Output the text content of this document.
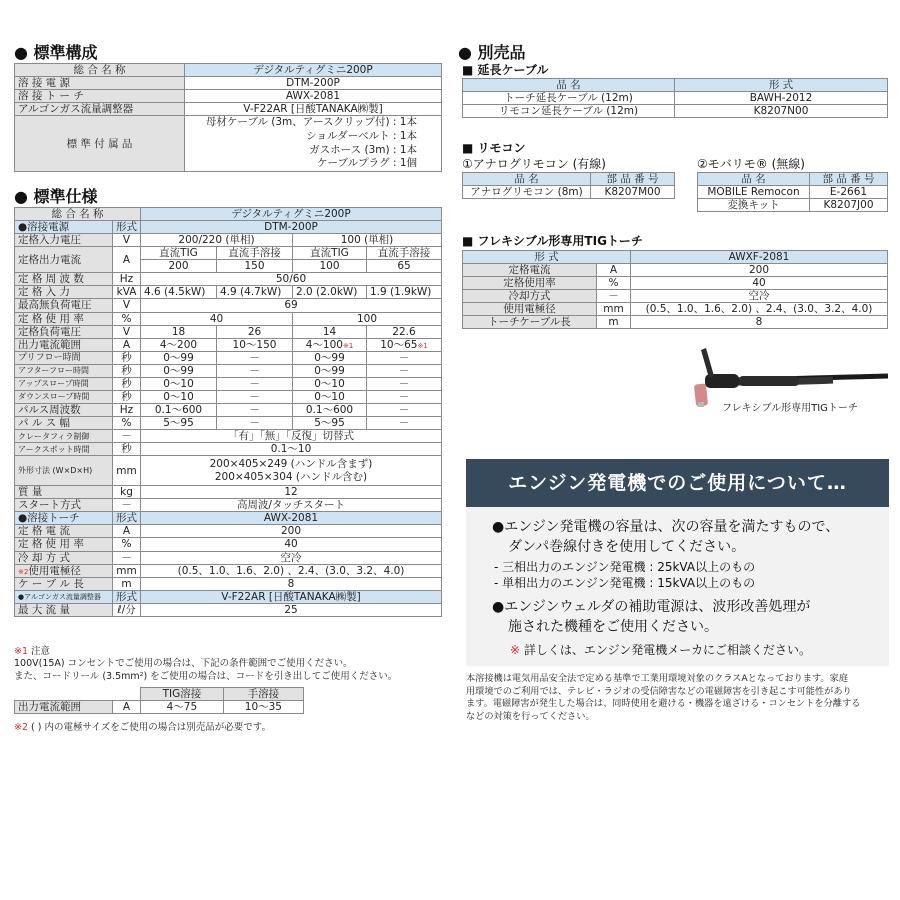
● 標準構成
総 合 名 称	デジタルティグミニ200P
溶 接 電 源	DTM-200P
溶 接 ト ー チ	AWX-2081
アルゴンガス流量調整器	V-F22AR [日酸TANAKA㈱製]
標 準 付 属 品	母材ケーブル (3m、アースクリップ付) : 1本
ショルダーベルト : 1本
ガスホース (3m) : 1本
ケーブルプラグ : 1個
● 標準仕様
総 合 名 称		デジタルティグミニ200P			
●溶接電源	形式	DTM-200P			
定格入力電圧	V	200/220 (単相)		100 (単相)	
定格出力電流	A	直流TIG	直流手溶接	直流TIG	直流手溶接
		200	150	100	65
定 格 周 波 数	Hz	50/60			
定 格 入 力	kVA	4.6 (4.5kW)	4.9 (4.7kW)	2.0 (2.0kW)	1.9 (1.9kW)
最高無負荷電圧	V	69			
定 格 使 用 率	%	40		100	
定格負荷電圧	V	18	26	14	22.6
出力電流範囲	A	4～200	10～150	4～100※1	10～65※1
プリフロー時間	秒	0～99	－	0～99	－
アフターフロー時間	秒	0～99	－	0～99	－
アップスロープ時間	秒	0～10	－	0～10	－
ダウンスロープ時間	秒	0～10	－	0～10	－
パルス周波数	Hz	0.1～600	－	0.1～600	－
パ ル ス 幅	%	5～95	－	5～95	－
クレータフィラ制御	－	「有」「無」「反復」切替式			
アークスポット時間	秒	0.1～10			
外形寸法 (W×D×H)	mm	200×405×249 (ハンドル含まず)
200×405×304 (ハンドル含む)			

質 量	kg	12			
スタート方式	－	高周波/タッチスタート			
●溶接トーチ	形式	AWX-2081			
定 格 電 流	A	200			
定 格 使 用 率	%	40			
冷 却 方 式	－	空冷			
※2使用電極径	mm	(0.5、1.0、1.6、2.0) 、2.4、(3.0、3.2、4.0)			
ケ ー ブ ル 長	m	8			
●アルゴンガス流量調整器	形式	V-F22AR [日酸TANAKA㈱製]			
最 大 流 量	ℓ/分	25			
※1 注意
100V(15A) コンセントでご使用の場合は、下記の条件範囲でご使用ください。
また、コードリール (3.5mm²) をご使用の場合は、コードを引き出してご使用ください。
		TIG溶接	手溶接
出力電流範囲	A	4～75	10～35
※2 ( ) 内の電極サイズをご使用の場合は別売品が必要です。
● 別売品
■ 延長ケーブル
品 名	形 式
トーチ延長ケーブル (12m)	BAWH-2012
リモコン延長ケーブル (12m)	K8207N00
■ リモコン
①アナログリモコン (有線)	②モバリモ® (無線)
品 名	部 品 番 号
アナログリモコン (8m)	K8207M00
品 名	部 品 番 号
MOBILE Remocon	E-2661
変換キット	K8207J00
■ フレキシブル形専用TIGトーチ
形 式		AWXF-2081
定格電流	A	200
定格使用率	%	40
冷却方式	－	空冷
使用電極径	mm	(0.5、1.0、1.6、2.0) 、2.4、(3.0、3.2、4.0)
トーチケーブル長	m	8
フレキシブル形専用TIGトーチ
エンジン発電機でのご使用について…
●エンジン発電機の容量は、次の容量を満たすもので、
ダンパ巻線付きを使用してください。
- 三相出力のエンジン発電機 : 25kVA以上のもの
- 単相出力のエンジン発電機 : 15kVA以上のもの
●エンジンウェルダの補助電源は、波形改善処理が
施された機種をご使用ください。
※ 詳しくは、エンジン発電機メーカにご相談ください。
本溶接機は電気用品安全法で定める基準で工業用環境対象のクラスAとなっております。家庭
用環境でのご利用では、テレビ・ラジオの受信障害などの電磁障害を引き起こす可能性があり
ます。電磁障害が発生した場合は、同時使用を避ける・機器を遠ざける・コンセントを分離する
などの対策を行ってください。
